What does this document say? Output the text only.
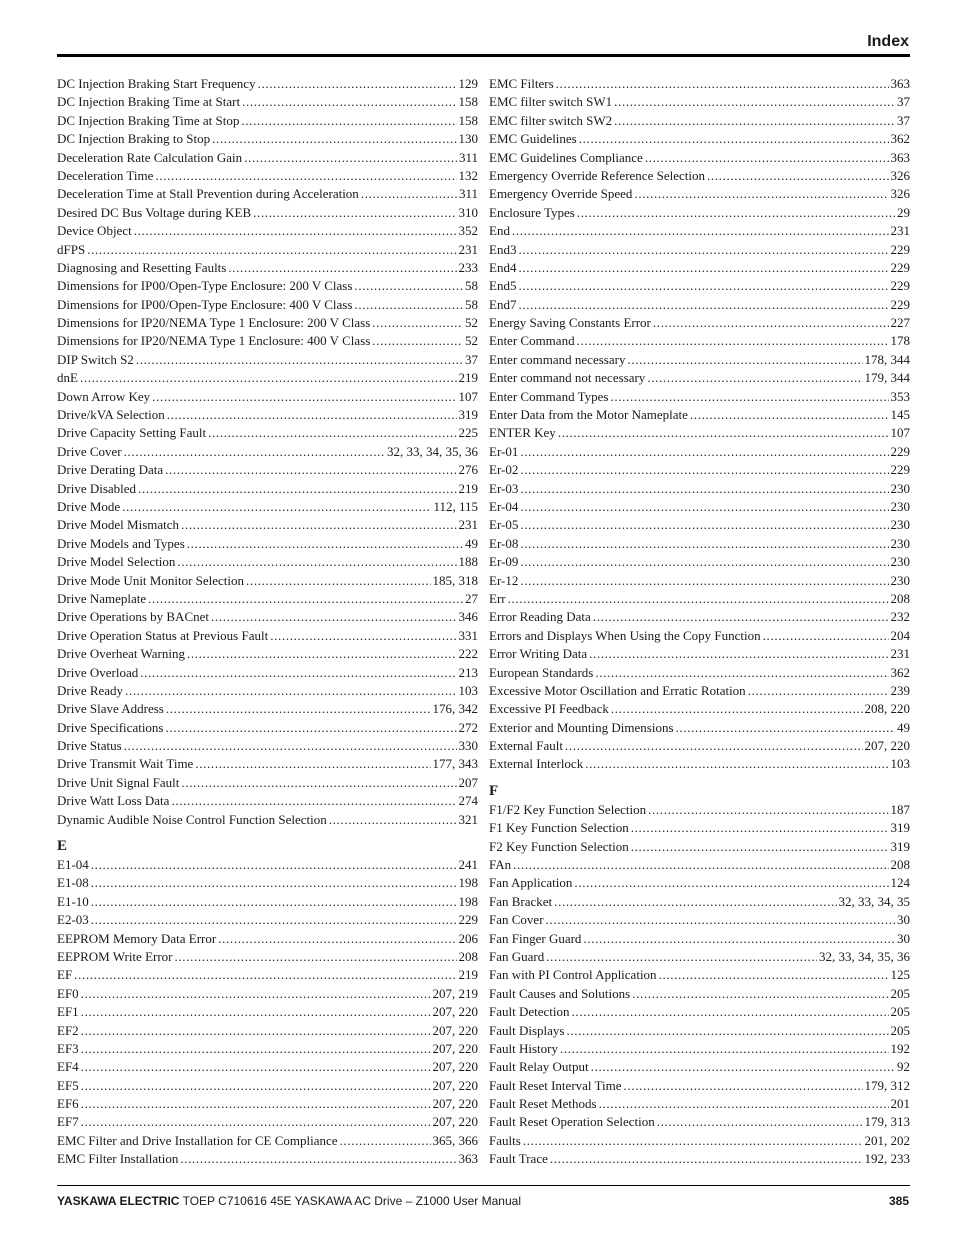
Index
DC Injection Braking Start Frequency . . .	129
DC Injection Braking Time at Start . . .	158
DC Injection Braking Time at Stop . . .	158
DC Injection Braking to Stop . . .	130
Deceleration Rate Calculation Gain . . .	311
Deceleration Time . . .	132
Deceleration Time at Stall Prevention during Acceleration . . .	311
Desired DC Bus Voltage during KEB . . .	310
Device Object . . .	352
dFPS . . .	231
Diagnosing and Resetting Faults . . .	233
Dimensions for IP00/Open-Type Enclosure: 200 V Class . . .	58
Dimensions for IP00/Open-Type Enclosure: 400 V Class . . .	58
Dimensions for IP20/NEMA Type 1 Enclosure: 200 V Class . . .	52
Dimensions for IP20/NEMA Type 1 Enclosure: 400 V Class . . .	52
DIP Switch S2 . . .	37
dnE . . .	219
Down Arrow Key . . .	107
Drive/kVA Selection . . .	319
Drive Capacity Setting Fault . . .	225
Drive Cover . . .	32, 33, 34, 35, 36
Drive Derating Data . . .	276
Drive Disabled . . .	219
Drive Mode . . .	112, 115
Drive Model Mismatch . . .	231
Drive Models and Types . . .	49
Drive Model Selection . . .	188
Drive Mode Unit Monitor Selection . . .	185, 318
Drive Nameplate . . .	27
Drive Operations by BACnet . . .	346
Drive Operation Status at Previous Fault . . .	331
Drive Overheat Warning . . .	222
Drive Overload . . .	213
Drive Ready . . .	103
Drive Slave Address . . .	176, 342
Drive Specifications . . .	272
Drive Status . . .	330
Drive Transmit Wait Time . . .	177, 343
Drive Unit Signal Fault . . .	207
Drive Watt Loss Data . . .	274
Dynamic Audible Noise Control Function Selection . . .	321
E
E1-04 . . .	241
E1-08 . . .	198
E1-10 . . .	198
E2-03 . . .	229
EEPROM Memory Data Error . . .	206
EEPROM Write Error . . .	208
EF . . .	219
EF0 . . .	207, 219
EF1 . . .	207, 220
EF2 . . .	207, 220
EF3 . . .	207, 220
EF4 . . .	207, 220
EF5 . . .	207, 220
EF6 . . .	207, 220
EF7 . . .	207, 220
EMC Filter and Drive Installation for CE Compliance . . .	365, 366
EMC Filter Installation . . .	363
EMC Filters . . .	363
EMC filter switch SW1 . . .	37
EMC filter switch SW2 . . .	37
EMC Guidelines . . .	362
EMC Guidelines Compliance . . .	363
Emergency Override Reference Selection . . .	326
Emergency Override Speed . . .	326
Enclosure Types . . .	29
End . . .	231
End3 . . .	229
End4 . . .	229
End5 . . .	229
End7 . . .	229
Energy Saving Constants Error . . .	227
Enter Command . . .	178
Enter command necessary . . .	178, 344
Enter command not necessary . . .	179, 344
Enter Command Types . . .	353
Enter Data from the Motor Nameplate . . .	145
ENTER Key . . .	107
Er-01 . . .	229
Er-02 . . .	229
Er-03 . . .	230
Er-04 . . .	230
Er-05 . . .	230
Er-08 . . .	230
Er-09 . . .	230
Er-12 . . .	230
Err . . .	208
Error Reading Data . . .	232
Errors and Displays When Using the Copy Function . . .	204
Error Writing Data . . .	231
European Standards . . .	362
Excessive Motor Oscillation and Erratic Rotation . . .	239
Excessive PI Feedback . . .	208, 220
Exterior and Mounting Dimensions . . .	49
External Fault . . .	207, 220
External Interlock . . .	103
F
F1/F2 Key Function Selection . . .	187
F1 Key Function Selection . . .	319
F2 Key Function Selection . . .	319
FAn . . .	208
Fan Application . . .	124
Fan Bracket . . .	32, 33, 34, 35
Fan Cover . . .	30
Fan Finger Guard . . .	30
Fan Guard . . .	32, 33, 34, 35, 36
Fan with PI Control Application . . .	125
Fault Causes and Solutions . . .	205
Fault Detection . . .	205
Fault Displays . . .	205
Fault History . . .	192
Fault Relay Output . . .	92
Fault Reset Interval Time . . .	179, 312
Fault Reset Methods . . .	201
Fault Reset Operation Selection . . .	179, 313
Faults . . .	201, 202
Fault Trace . . .	192, 233
YASKAWA ELECTRIC TOEP C710616 45E YASKAWA AC Drive – Z1000 User Manual	385
